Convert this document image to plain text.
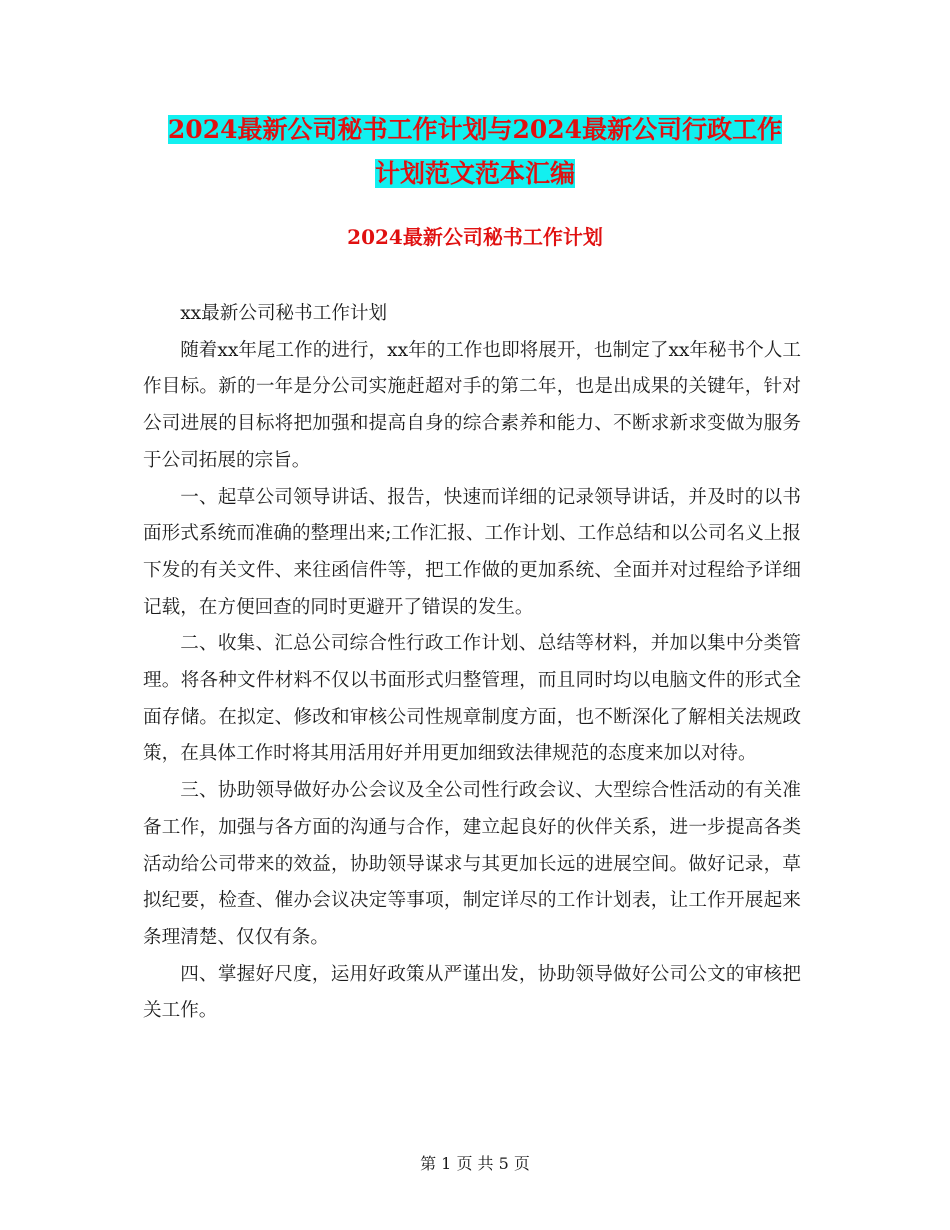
2024最新公司秘书工作计划与2024最新公司行政工作
计划范文范本汇编
2024最新公司秘书工作计划

xx最新公司秘书工作计划

随着xx年尾工作的进行，xx年的工作也即将展开，也制定了xx年秘书个人工作目标。新的一年是分公司实施赶超对手的第二年，也是出成果的关键年，针对公司进展的目标将把加强和提高自身的综合素养和能力、不断求新求变做为服务于公司拓展的宗旨。

一、起草公司领导讲话、报告，快速而详细的记录领导讲话，并及时的以书面形式系统而准确的整理出来;工作汇报、工作计划、工作总结和以公司名义上报下发的有关文件、来往函信件等，把工作做的更加系统、全面并对过程给予详细记载，在方便回查的同时更避开了错误的发生。

二、收集、汇总公司综合性行政工作计划、总结等材料，并加以集中分类管理。将各种文件材料不仅以书面形式归整管理，而且同时均以电脑文件的形式全面存储。在拟定、修改和审核公司性规章制度方面，也不断深化了解相关法规政策，在具体工作时将其用活用好并用更加细致法律规范的态度来加以对待。

三、协助领导做好办公会议及全公司性行政会议、大型综合性活动的有关准备工作，加强与各方面的沟通与合作，建立起良好的伙伴关系，进一步提高各类活动给公司带来的效益，协助领导谋求与其更加长远的进展空间。做好记录，草拟纪要，检查、催办会议决定等事项，制定详尽的工作计划表，让工作开展起来条理清楚、仅仅有条。

四、掌握好尺度，运用好政策从严谨出发，协助领导做好公司公文的审核把关工作。

第 1 页 共 5 页
